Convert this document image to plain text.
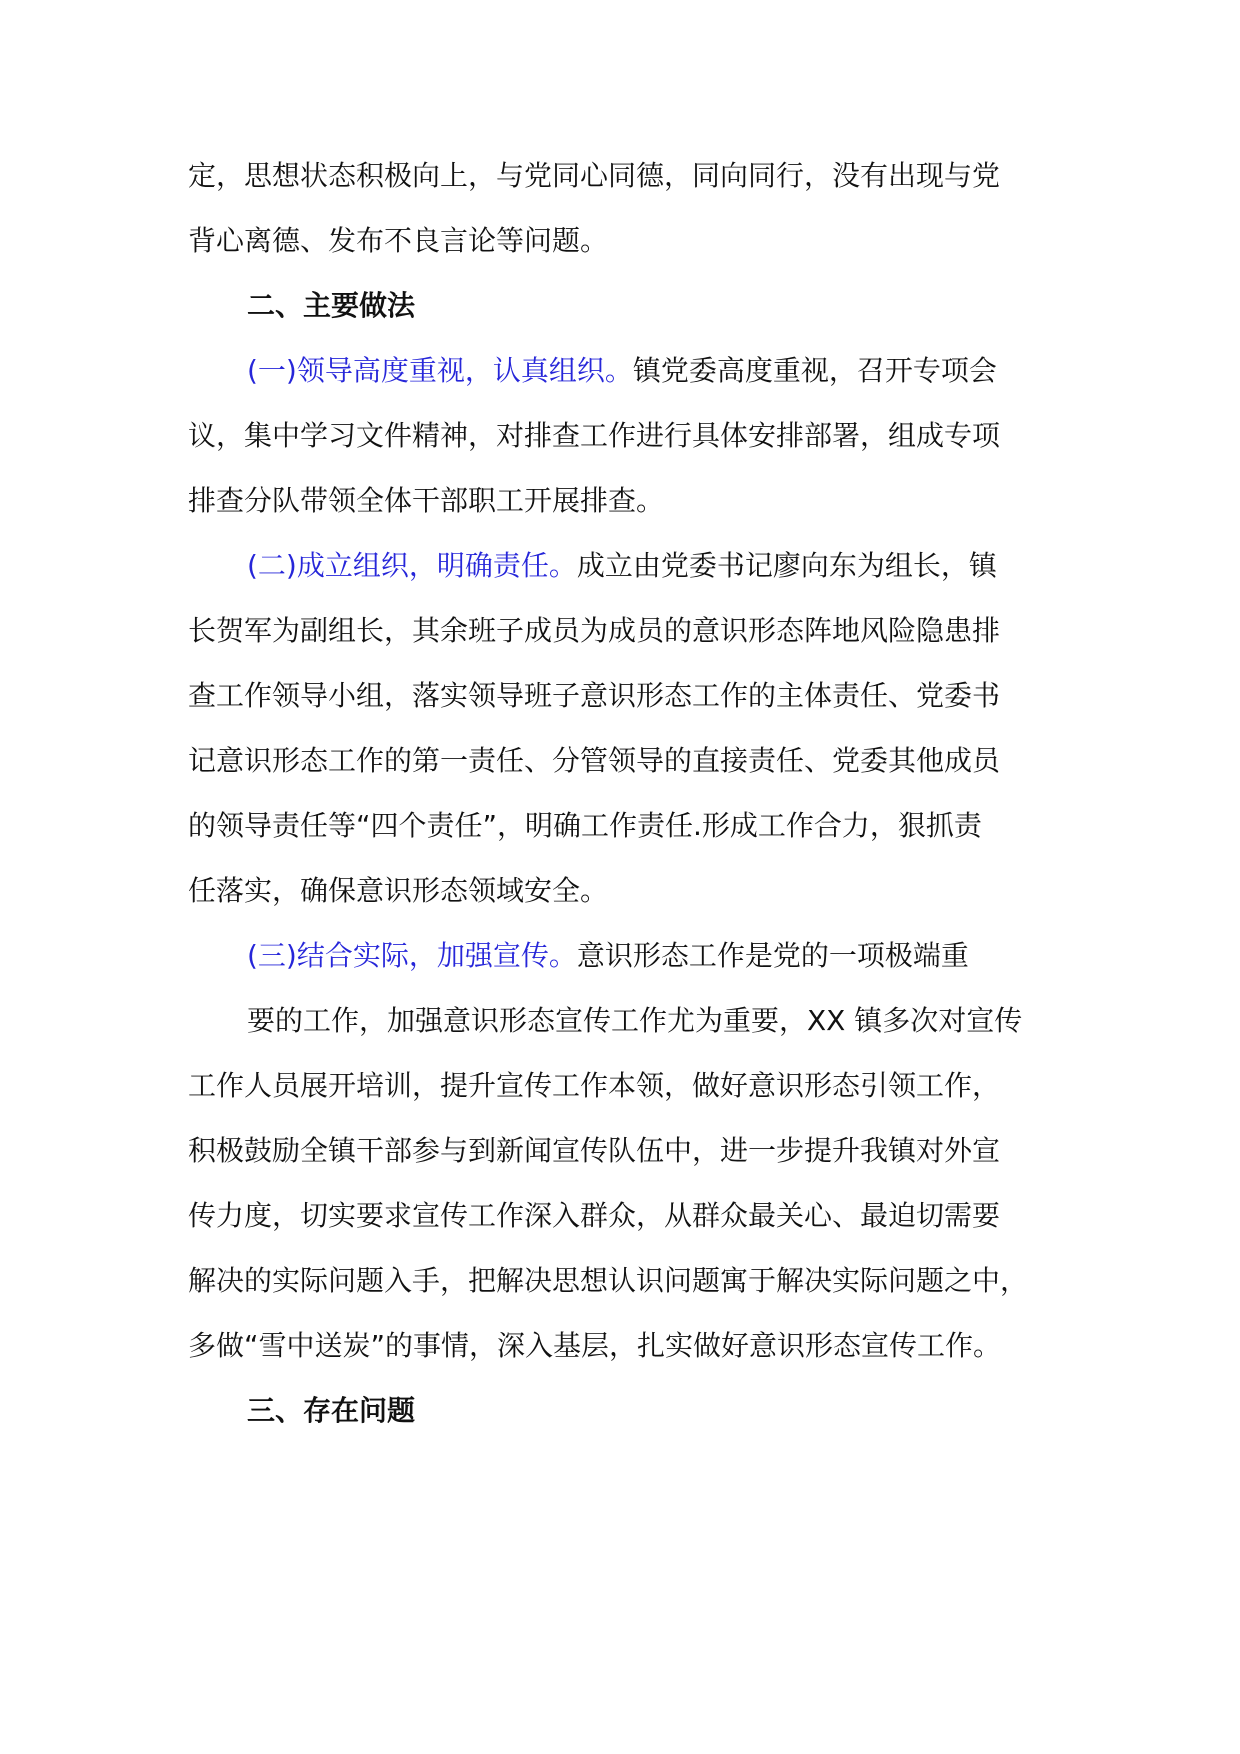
定，思想状态积极向上，与党同心同德，同向同行，没有出现与党
背心离德、发布不良言论等问题。
二、主要做法
(一)领导高度重视，认真组织。镇党委高度重视，召开专项会
议，集中学习文件精神，对排查工作进行具体安排部署，组成专项
排查分队带领全体干部职工开展排查。
(二)成立组织，明确责任。成立由党委书记廖向东为组长，镇
长贺军为副组长，其余班子成员为成员的意识形态阵地风险隐患排
查工作领导小组，落实领导班子意识形态工作的主体责任、党委书
记意识形态工作的第一责任、分管领导的直接责任、党委其他成员
的领导责任等“四个责任”，明确工作责任.形成工作合力，狠抓责
任落实，确保意识形态领域安全。
(三)结合实际，加强宣传。意识形态工作是党的一项极端重
要的工作，加强意识形态宣传工作尤为重要，XX 镇多次对宣传
工作人员展开培训，提升宣传工作本领，做好意识形态引领工作，
积极鼓励全镇干部参与到新闻宣传队伍中，进一步提升我镇对外宣
传力度，切实要求宣传工作深入群众，从群众最关心、最迫切需要
解决的实际问题入手，把解决思想认识问题寓于解决实际问题之中，
多做“雪中送炭”的事情，深入基层，扎实做好意识形态宣传工作。
三、存在问题
